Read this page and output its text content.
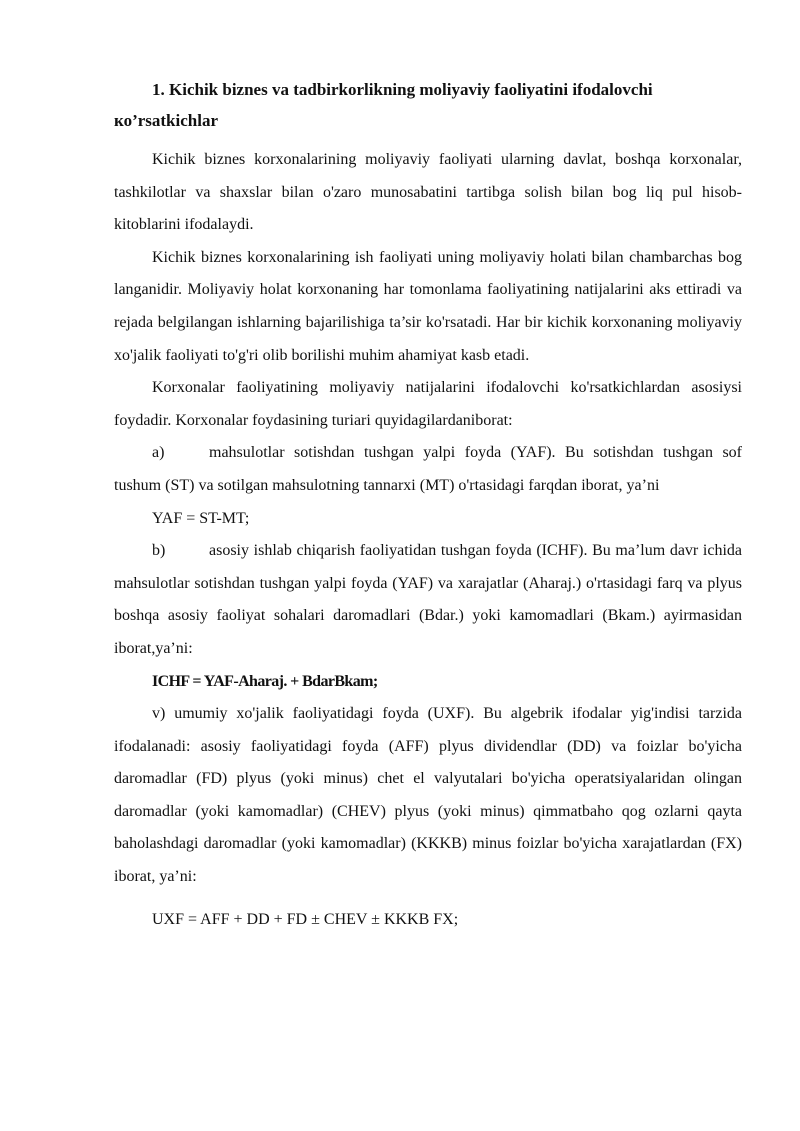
1. Kichik biznes va tadbirkorlikning moliyaviy faoliyatini ifodalovchi ко’rsatkichlar

Kichik biznes korxonalarining moliyaviy faoliyati ularning davlat, boshqa korxonalar, tashkilotlar va shaxslar bilan o'zaro munosabatini tartibga solish bilan bog liq pul hisob-kitoblarini ifodalaydi.

Kichik biznes korxonalarining ish faoliyati uning moliyaviy holati bilan chambarchas bog langanidir. Moliyaviy holat korxonaning har tomonlama faoliyatining natijalarini aks ettiradi va rejada belgilangan ishlarning bajarilishiga ta’sir ko'rsatadi. Har bir kichik korxonaning moliyaviy xo'jalik faoliyati to'g'ri olib borilishi muhim ahamiyat kasb etadi.

Korxonalar faoliyatining moliyaviy natijalarini ifodalovchi ko'rsatkichlardan asosiysi foydadir. Korxonalar foydasining turiari quyidagilardaniborat:

a)	mahsulotlar sotishdan tushgan yalpi foyda (YAF). Bu sotishdan tushgan sof tushum (ST) va sotilgan mahsulotning tannarxi (MT) o'rtasidagi farqdan iborat, ya’ni

YAF = ST-MT;

b)	asosiy ishlab chiqarish faoliyatidan tushgan foyda (ICHF). Bu ma’lum davr ichida mahsulotlar sotishdan tushgan yalpi foyda (YAF) va xarajatlar (Aharaj.) o'rtasidagi farq va plyus boshqa asosiy faoliyat sohalari daromadlari (Bdar.) yoki kamomadlari (Bkam.) ayirmasidan iborat,ya’ni:

ICHF = YAF-Aharaj. + BdarBkam;

v) umumiy xo'jalik faoliyatidagi foyda (UXF). Bu algebrik ifodalar yig'indisi tarzida ifodalanadi: asosiy faoliyatidagi foyda (AFF) plyus dividendlar (DD) va foizlar bo'yicha daromadlar (FD) plyus (yoki minus) chet el valyutalari bo'yicha operatsiyalaridan olingan daromadlar (yoki kamomadlar) (CHEV) plyus (yoki minus) qimmatbaho qog ozlarni qayta baholashdagi daromadlar (yoki kamomadlar) (KKKB) minus foizlar bo'yicha xarajatlardan (FX) iborat, ya’ni:

UXF = AFF + DD + FD ± CHEV ± KKKB FX;
